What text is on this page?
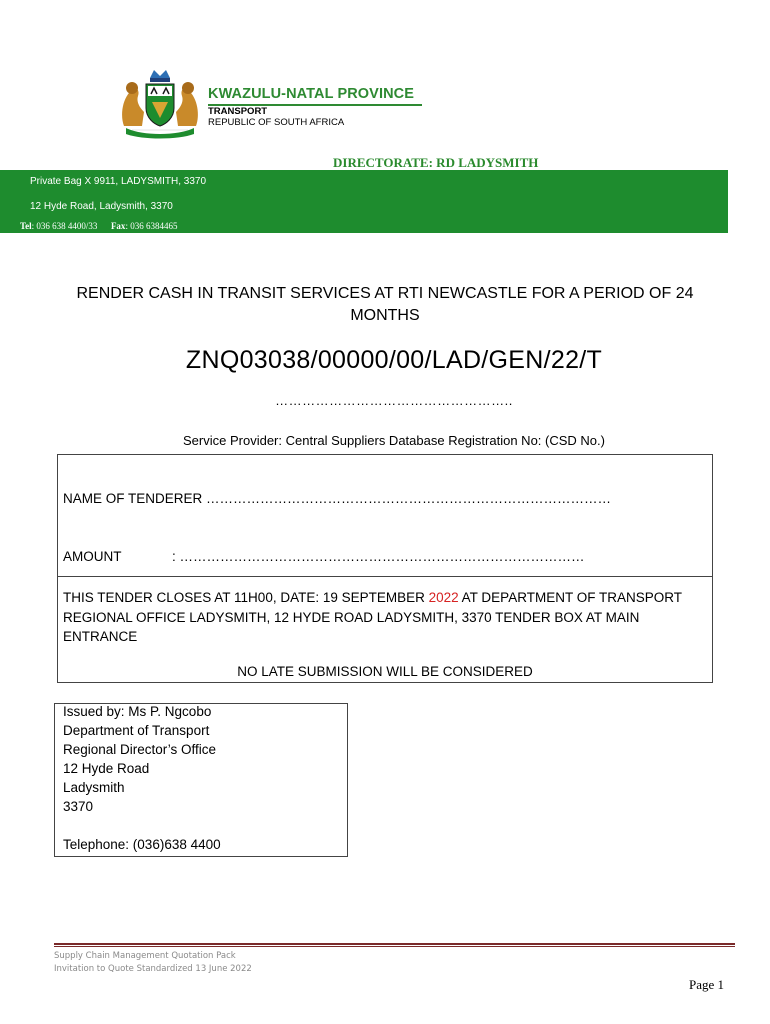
KWAZULU-NATAL PROVINCE
TRANSPORT
REPUBLIC OF SOUTH AFRICA
DIRECTORATE: RD LADYSMITH
Private Bag X 9911, LADYSMITH, 3370
12 Hyde Road, Ladysmith, 3370
Tel: 036 638 4400/33 Fax: 036 6384465
RENDER CASH IN TRANSIT SERVICES AT RTI NEWCASTLE FOR A PERIOD OF 24 MONTHS
ZNQ03038/00000/00/LAD/GEN/22/T
……………………………………………..
Service Provider: Central Suppliers Database Registration No: (CSD No.)
NAME OF TENDERER ………………………………………………………………………………
AMOUNT	: ………………………………………………………………………………
THIS TENDER CLOSES AT 11H00, DATE: 19 SEPTEMBER 2022 AT DEPARTMENT OF TRANSPORT REGIONAL OFFICE LADYSMITH, 12 HYDE ROAD LADYSMITH, 3370 TENDER BOX AT MAIN ENTRANCE
NO LATE SUBMISSION WILL BE CONSIDERED
Issued by: Ms P. Ngcobo
Department of Transport
Regional Director’s Office
12 Hyde Road
Ladysmith
3370
Telephone: (036)638 4400
Supply Chain Management Quotation Pack
Invitation to Quote Standardized 13 June 2022
Page 1
